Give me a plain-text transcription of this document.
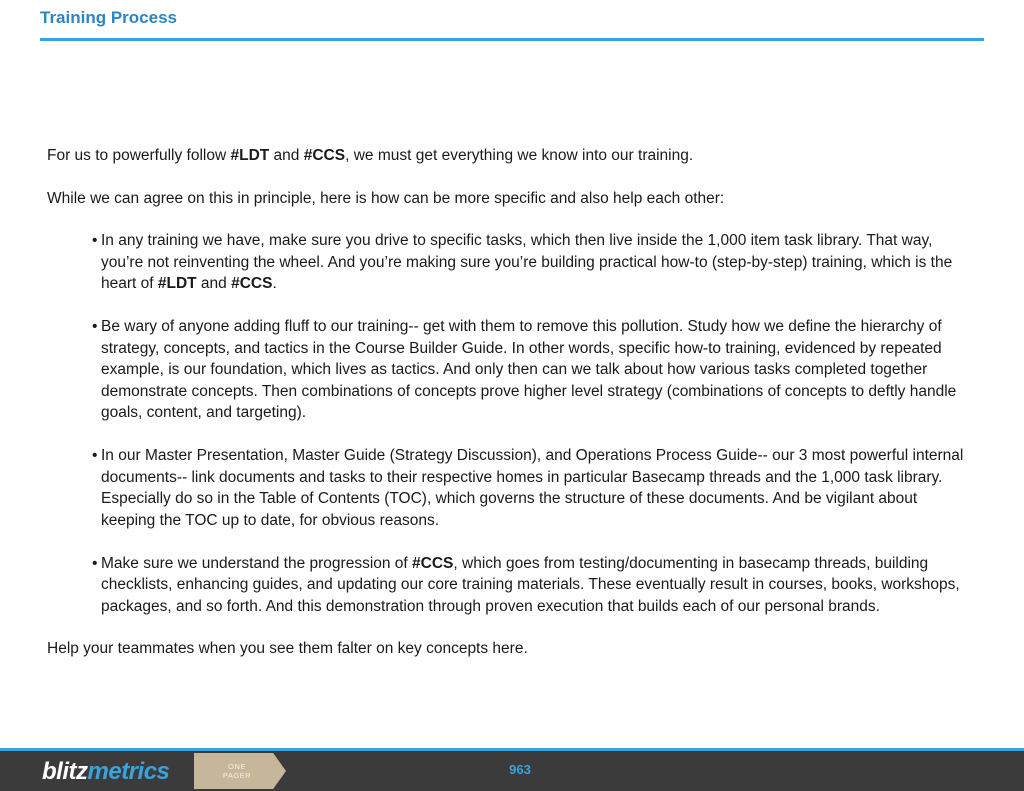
Training Process

For us to powerfully follow #LDT and #CCS, we must get everything we know into our training.

While we can agree on this in principle, here is how can be more specific and also help each other:

• In any training we have, make sure you drive to specific tasks, which then live inside the 1,000 item task library. That way, you’re not reinventing the wheel. And you’re making sure you’re building practical how-to (step-by-step) training, which is the heart of #LDT and #CCS.
• Be wary of anyone adding fluff to our training-- get with them to remove this pollution. Study how we define the hierarchy of strategy, concepts, and tactics in the Course Builder Guide. In other words, specific how-to training, evidenced by repeated example, is our foundation, which lives as tactics. And only then can we talk about how various tasks completed together demonstrate concepts. Then combinations of concepts prove higher level strategy (combinations of concepts to deftly handle goals, content, and targeting).
• In our Master Presentation, Master Guide (Strategy Discussion), and Operations Process Guide-- our 3 most powerful internal documents-- link documents and tasks to their respective homes in particular Basecamp threads and the 1,000 task library. Especially do so in the Table of Contents (TOC), which governs the structure of these documents. And be vigilant about keeping the TOC up to date, for obvious reasons.
• Make sure we understand the progression of #CCS, which goes from testing/documenting in basecamp threads, building checklists, enhancing guides, and updating our core training materials. These eventually result in courses, books, workshops, packages, and so forth. And this demonstration through proven execution that builds each of our personal brands.

Help your teammates when you see them falter on key concepts here.

blitzmetrics	ONE
PAGER	963
